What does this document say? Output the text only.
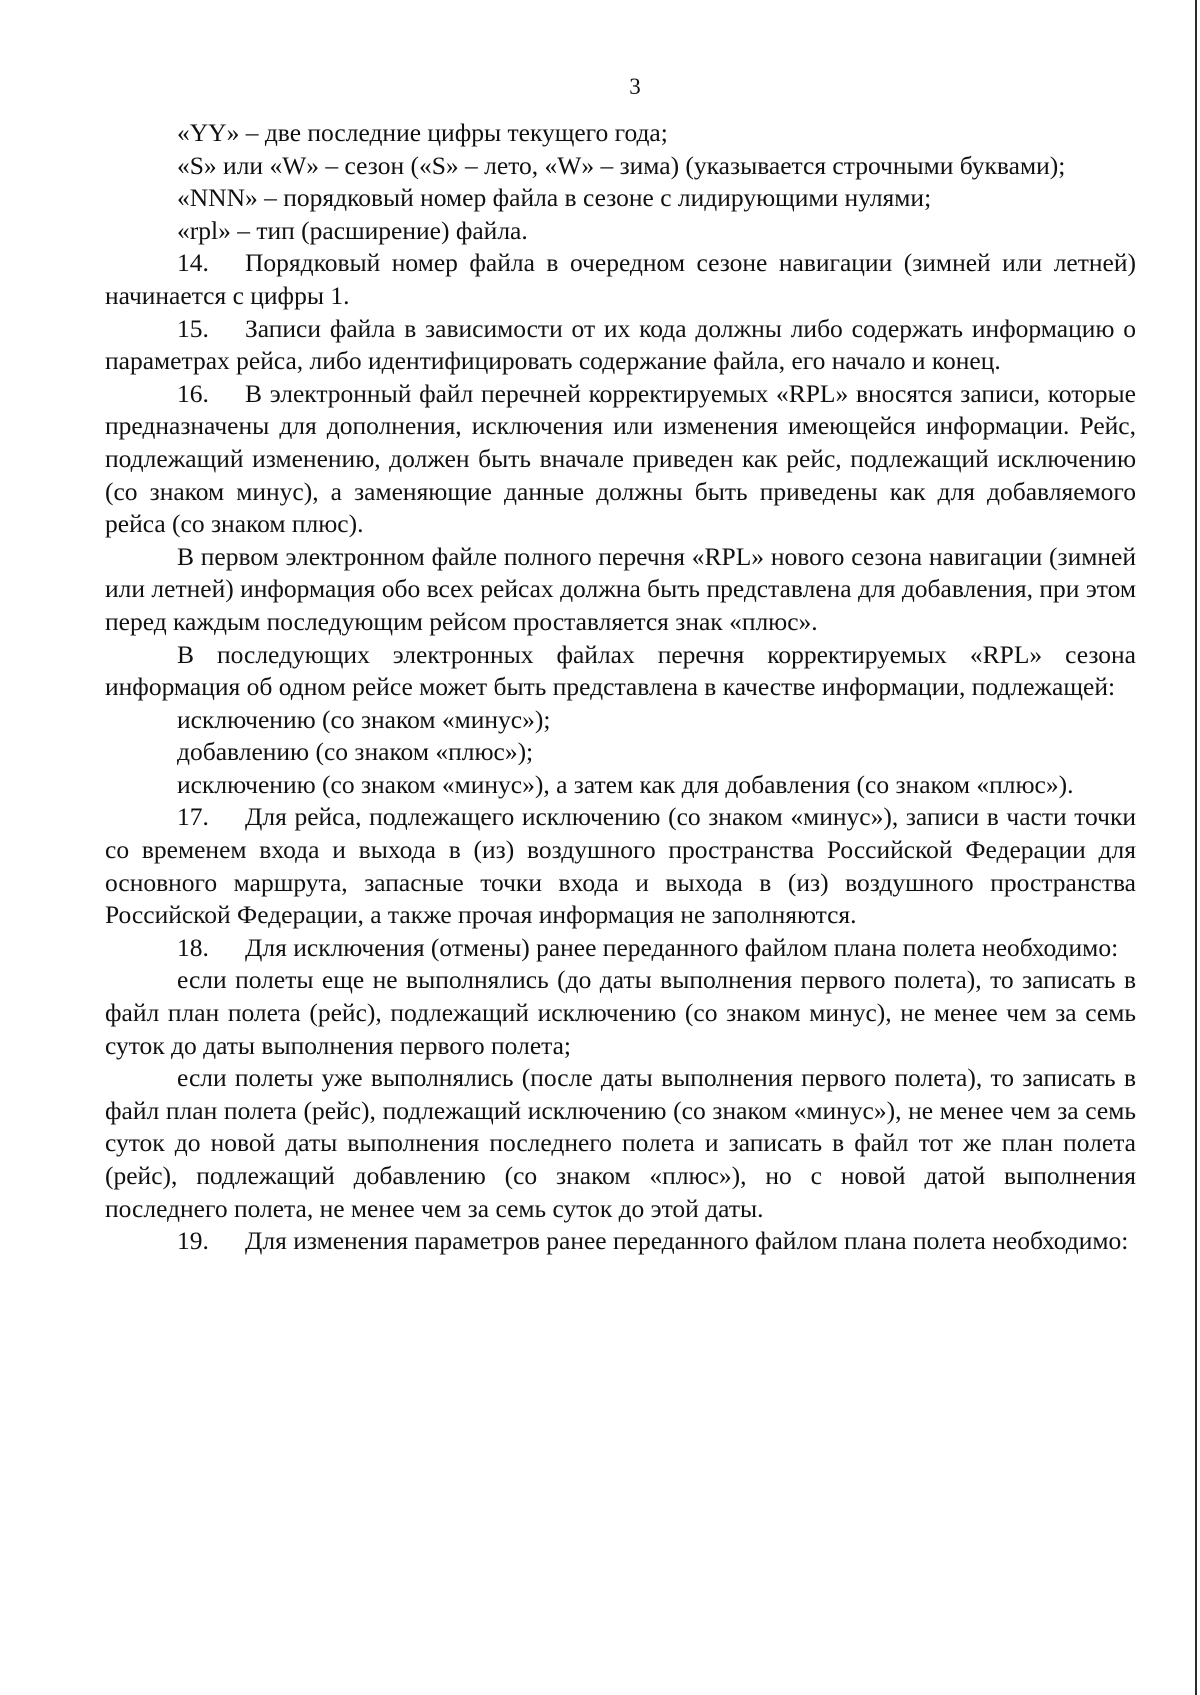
3

«YY» – две последние цифры текущего года;

«S» или «W» – сезон («S» – лето, «W» – зима) (указывается строчными буквами);

«NNN» – порядковый номер файла в сезоне с лидирующими нулями;

«rpl» – тип (расширение) файла.

14. Порядковый номер файла в очередном сезоне навигации (зимней или летней) начинается с цифры 1.

15. Записи файла в зависимости от их кода должны либо содержать информацию о параметрах рейса, либо идентифицировать содержание файла, его начало и конец.

16. В электронный файл перечней корректируемых «RPL» вносятся записи, которые предназначены для дополнения, исключения или изменения имеющейся информации. Рейс, подлежащий изменению, должен быть вначале приведен как рейс, подлежащий исключению (со знаком минус), а заменяющие данные должны быть приведены как для добавляемого рейса (со знаком плюс).

В первом электронном файле полного перечня «RPL» нового сезона навигации (зимней или летней) информация обо всех рейсах должна быть представлена для добавления, при этом перед каждым последующим рейсом проставляется знак «плюс».

В последующих электронных файлах перечня корректируемых «RPL» сезона информация об одном рейсе может быть представлена в качестве информации, подлежащей:

исключению (со знаком «минус»);

добавлению (со знаком «плюс»);

исключению (со знаком «минус»), а затем как для добавления (со знаком «плюс»).

17. Для рейса, подлежащего исключению (со знаком «минус»), записи в части точки со временем входа и выхода в (из) воздушного пространства Российской Федерации для основного маршрута, запасные точки входа и выхода в (из) воздушного пространства Российской Федерации, а также прочая информация не заполняются.

18. Для исключения (отмены) ранее переданного файлом плана полета необходимо:

если полеты еще не выполнялись (до даты выполнения первого полета), то записать в файл план полета (рейс), подлежащий исключению (со знаком минус), не менее чем за семь суток до даты выполнения первого полета;

если полеты уже выполнялись (после даты выполнения первого полета), то записать в файл план полета (рейс), подлежащий исключению (со знаком «минус»), не менее чем за семь суток до новой даты выполнения последнего полета и записать в файл тот же план полета (рейс), подлежащий добавлению (со знаком «плюс»), но с новой датой выполнения последнего полета, не менее чем за семь суток до этой даты.

19. Для изменения параметров ранее переданного файлом плана полета необходимо:
